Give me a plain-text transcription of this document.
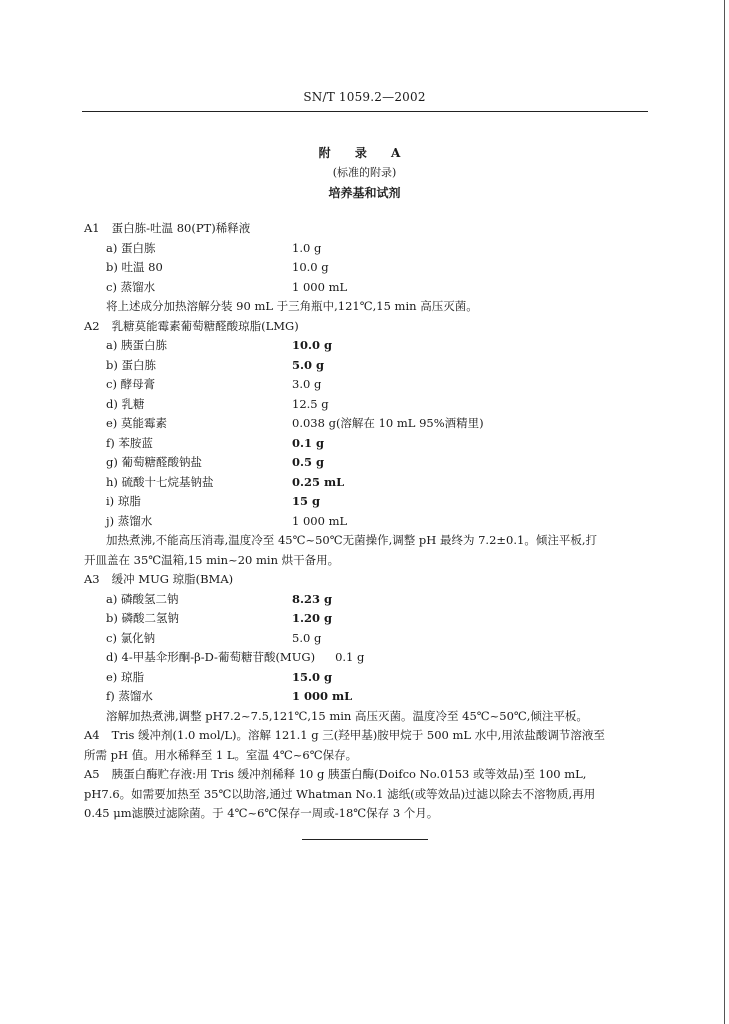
SN/T 1059.2—2002
附 录 A
(标准的附录)
培养基和试剂
A1 蛋白胨-吐温 80(PT)稀释液
a) 蛋白胨	1.0 g
b) 吐温 80	10.0 g
c) 蒸馏水	1 000 mL
将上述成分加热溶解分装 90 mL 于三角瓶中,121℃,15 min 高压灭菌。
A2 乳糖莫能霉素葡萄糖醛酸琼脂(LMG)
a) 胰蛋白胨	10.0 g
b) 蛋白胨	5.0 g
c) 酵母膏	3.0 g
d) 乳糖	12.5 g
e) 莫能霉素	0.038 g(溶解在 10 mL 95%酒精里)
f) 苯胺蓝	0.1 g
g) 葡萄糖醛酸钠盐	0.5 g
h) 硫酸十七烷基钠盐	0.25 mL
i) 琼脂	15 g
j) 蒸馏水	1 000 mL
加热煮沸,不能高压消毒,温度冷至 45℃~50℃无菌操作,调整 pH 最终为 7.2±0.1。倾注平板,打
开皿盖在 35℃温箱,15 min~20 min 烘干备用。
A3 缓冲 MUG 琼脂(BMA)
a) 磷酸氢二钠	8.23 g
b) 磷酸二氢钠	1.20 g
c) 氯化钠	5.0 g
d) 4-甲基伞形酮-β-D-葡萄糖苷酸(MUG) 0.1 g
e) 琼脂	15.0 g
f) 蒸馏水	1 000 mL
溶解加热煮沸,调整 pH7.2~7.5,121℃,15 min 高压灭菌。温度冷至 45℃~50℃,倾注平板。
A4 Tris 缓冲剂(1.0 mol/L)。溶解 121.1 g 三(羟甲基)胺甲烷于 500 mL 水中,用浓盐酸调节溶液至
所需 pH 值。用水稀释至 1 L。室温 4℃~6℃保存。
A5 胰蛋白酶贮存液:用 Tris 缓冲剂稀释 10 g 胰蛋白酶(Doifco No.0153 或等效品)至 100 mL,
pH7.6。如需要加热至 35℃以助溶,通过 Whatman No.1 滤纸(或等效品)过滤以除去不溶物质,再用
0.45 μm滤膜过滤除菌。于 4℃~6℃保存一周或-18℃保存 3 个月。
